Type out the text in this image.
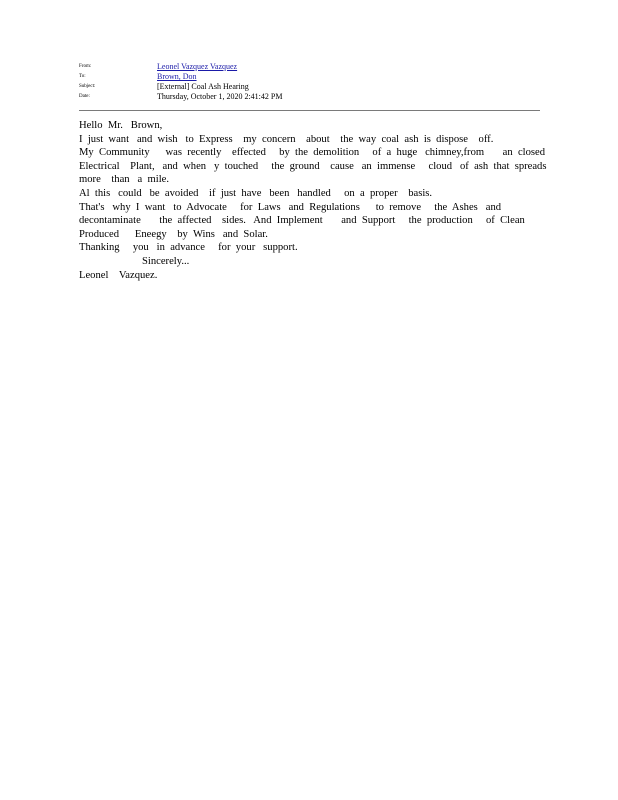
From:	Leonel Vazquez Vazquez
To:	Brown, Don
Subject:	[External] Coal Ash Hearing
Date:	Thursday, October 1, 2020 2:41:42 PM
Hello  Mr.   Brown,
I  just  want   and  wish   to  Express    my  concern    about    the  way  coal  ash  is  dispose    off.
My  Community      was  recently    effected     by  the  demolition     of  a  huge   chimney,from       an  closed
Electrical    Plant,   and  when   y  touched     the  ground    cause   an  immense     cloud   of  ash  that  spreads
more    than   a  mile.
Al  this   could   be  avoided    if  just  have   been   handled     on  a  proper    basis.
That's   why  I  want   to  Advocate     for  Laws   and  Regulations      to  remove     the  Ashes   and
decontaminate       the  affected    sides.   And  Implement       and  Support     the  production     of  Clean
Produced      Eneegy    by  Wins   and  Solar.
Thanking     you   in  advance     for  your   support.
Sincerely...
Leonel    Vazquez.
